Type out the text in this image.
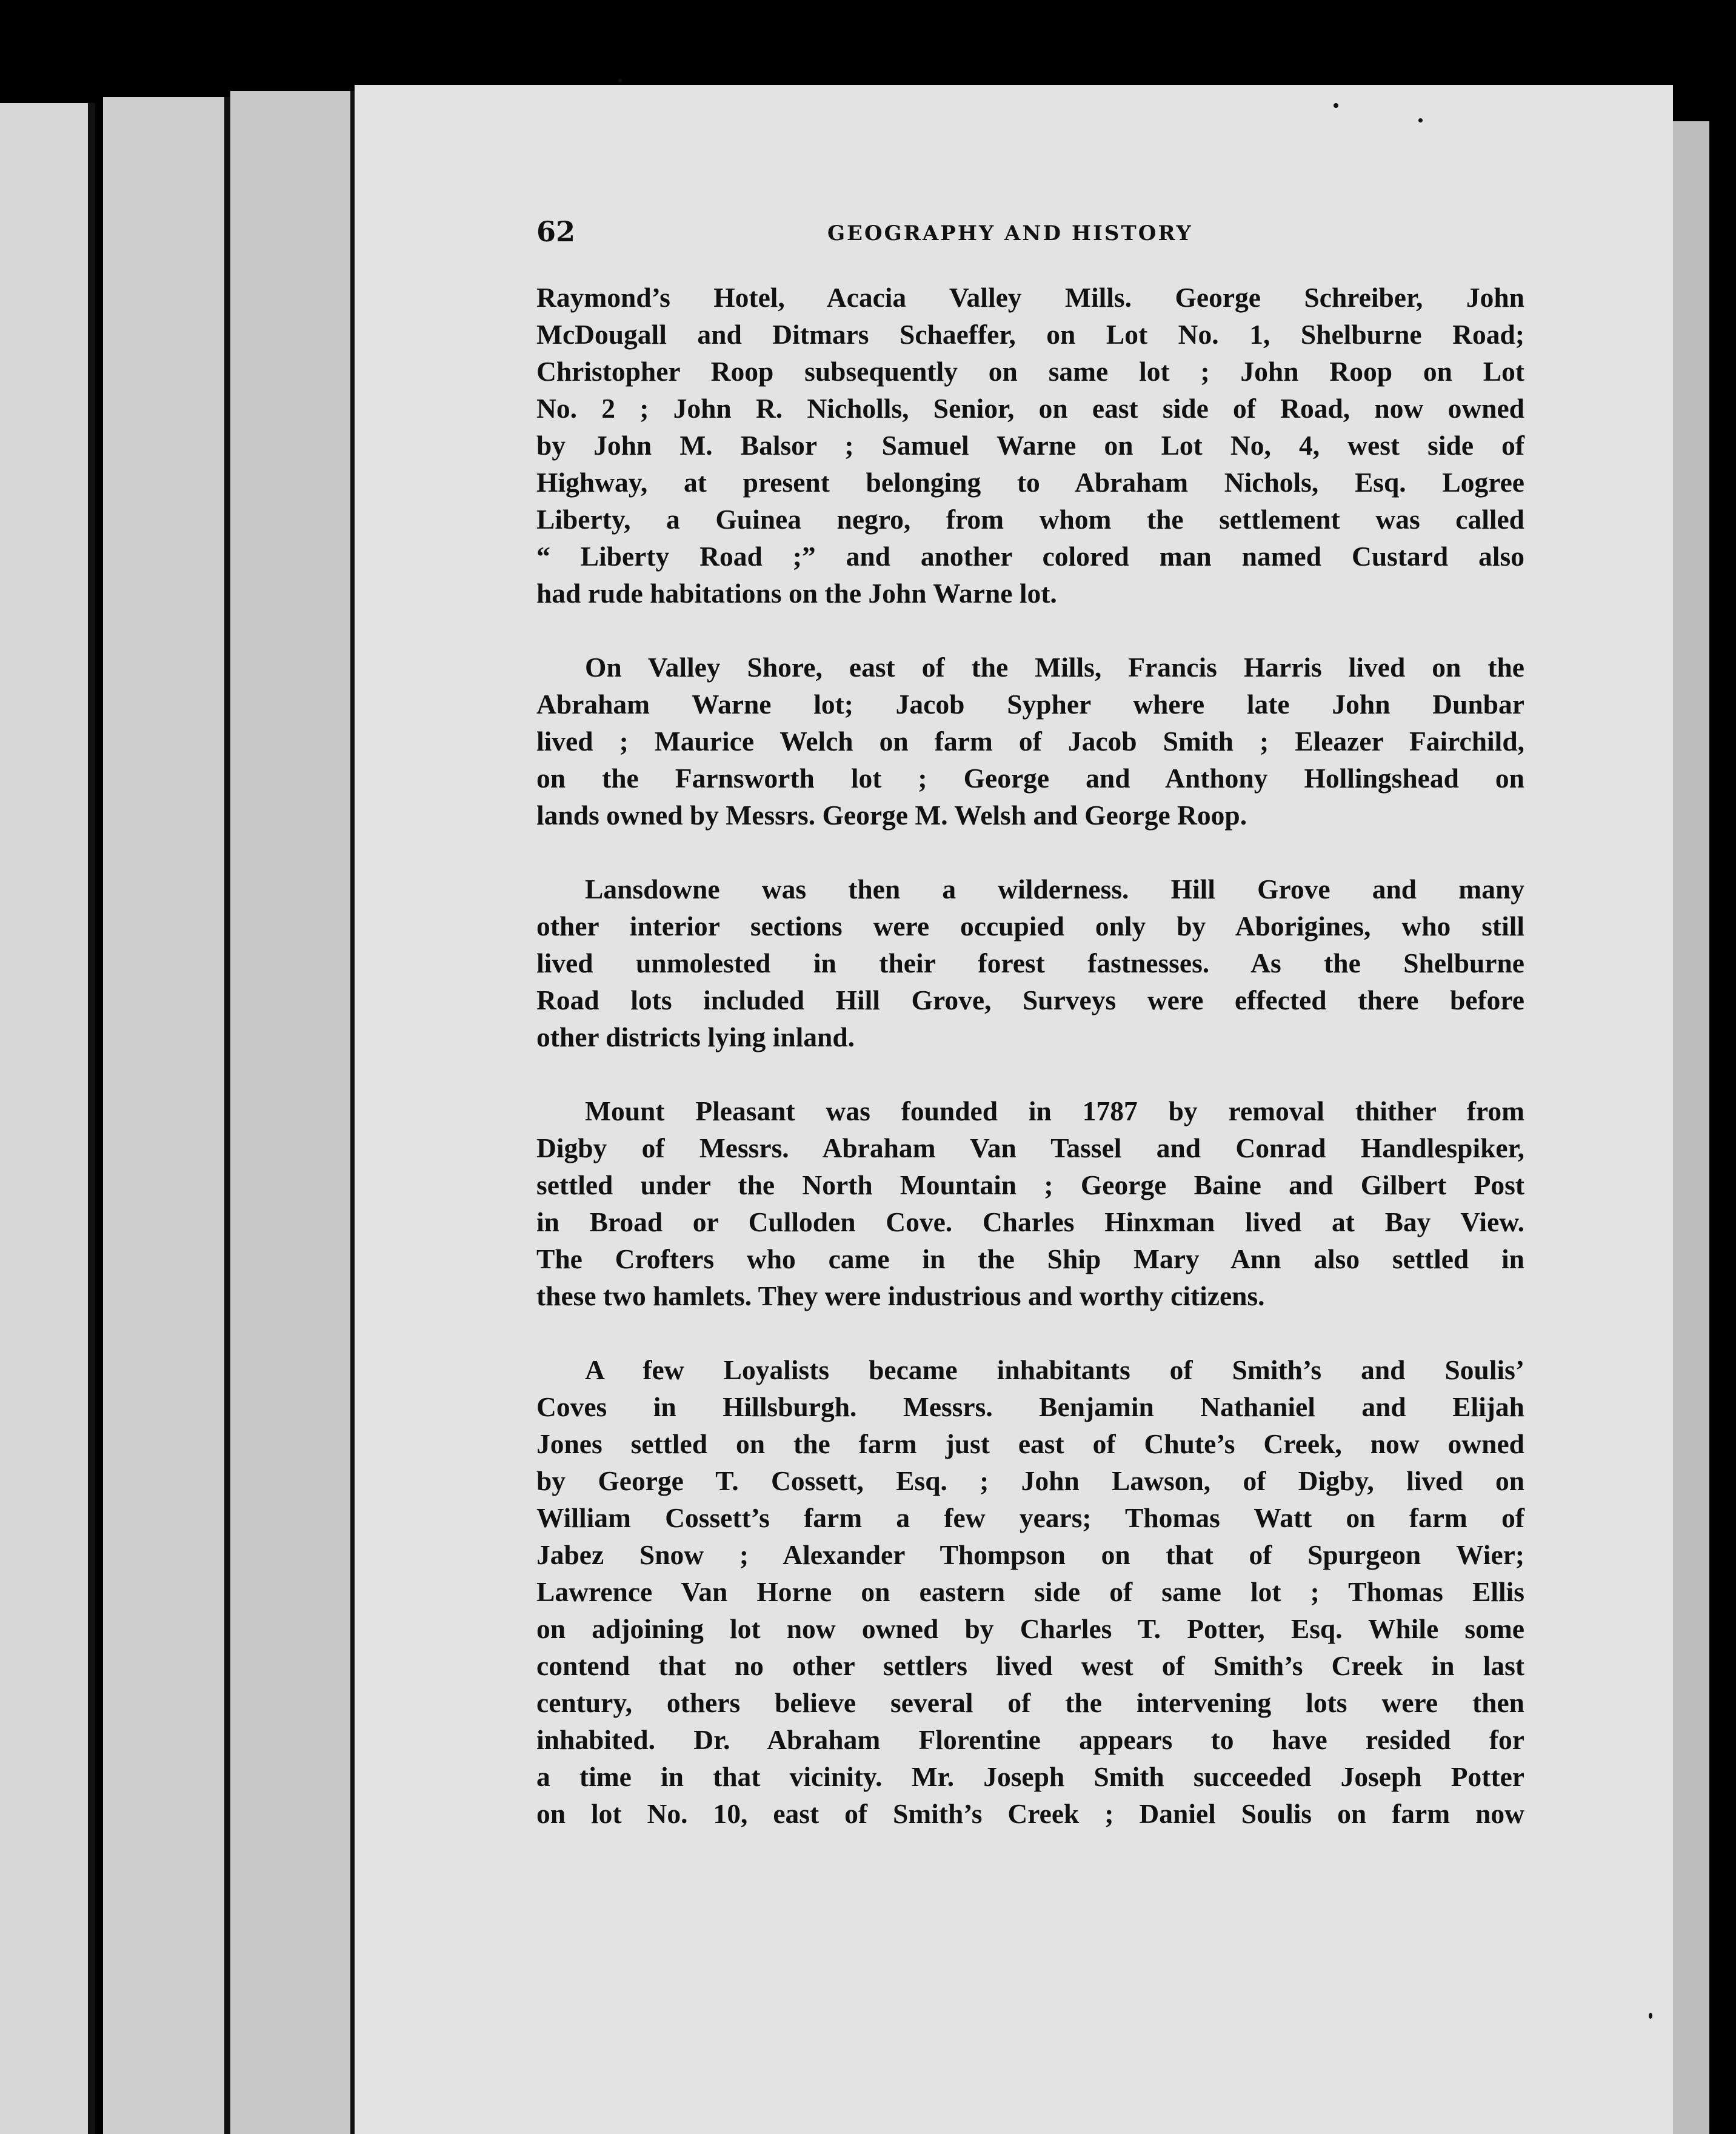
62	GEOGRAPHY AND HISTORY
Raymond’s Hotel, Acacia Valley Mills. George Schreiber, John
McDougall and Ditmars Schaeffer, on Lot No. 1, Shelburne Road;
Christopher Roop subsequently on same lot ; John Roop on Lot
No. 2 ; John R. Nicholls, Senior, on east side of Road, now owned
by John M. Balsor ; Samuel Warne on Lot No, 4, west side of
Highway, at present belonging to Abraham Nichols, Esq. Logree
Liberty, a Guinea negro, from whom the settlement was called
“ Liberty Road ;” and another colored man named Custard also
had rude habitations on the John Warne lot.
On Valley Shore, east of the Mills, Francis Harris lived on the
Abraham Warne lot; Jacob Sypher where late John Dunbar
lived ; Maurice Welch on farm of Jacob Smith ; Eleazer Fairchild,
on the Farnsworth lot ; George and Anthony Hollingshead on
lands owned by Messrs. George M. Welsh and George Roop.
Lansdowne was then a wilderness. Hill Grove and many
other interior sections were occupied only by Aborigines, who still
lived unmolested in their forest fastnesses. As the Shelburne
Road lots included Hill Grove, Surveys were effected there before
other districts lying inland.
Mount Pleasant was founded in 1787 by removal thither from
Digby of Messrs. Abraham Van Tassel and Conrad Handlespiker,
settled under the North Mountain ; George Baine and Gilbert Post
in Broad or Culloden Cove. Charles Hinxman lived at Bay View.
The Crofters who came in the Ship Mary Ann also settled in
these two hamlets. They were industrious and worthy citizens.
A few Loyalists became inhabitants of Smith’s and Soulis’
Coves in Hillsburgh. Messrs. Benjamin Nathaniel and Elijah
Jones settled on the farm just east of Chute’s Creek, now owned
by George T. Cossett, Esq. ; John Lawson, of Digby, lived on
William Cossett’s farm a few years; Thomas Watt on farm of
Jabez Snow ; Alexander Thompson on that of Spurgeon Wier;
Lawrence Van Horne on eastern side of same lot ; Thomas Ellis
on adjoining lot now owned by Charles T. Potter, Esq. While some
contend that no other settlers lived west of Smith’s Creek in last
century, others believe several of the intervening lots were then
inhabited. Dr. Abraham Florentine appears to have resided for
a time in that vicinity. Mr. Joseph Smith succeeded Joseph Potter
on lot No. 10, east of Smith’s Creek ; Daniel Soulis on farm now
